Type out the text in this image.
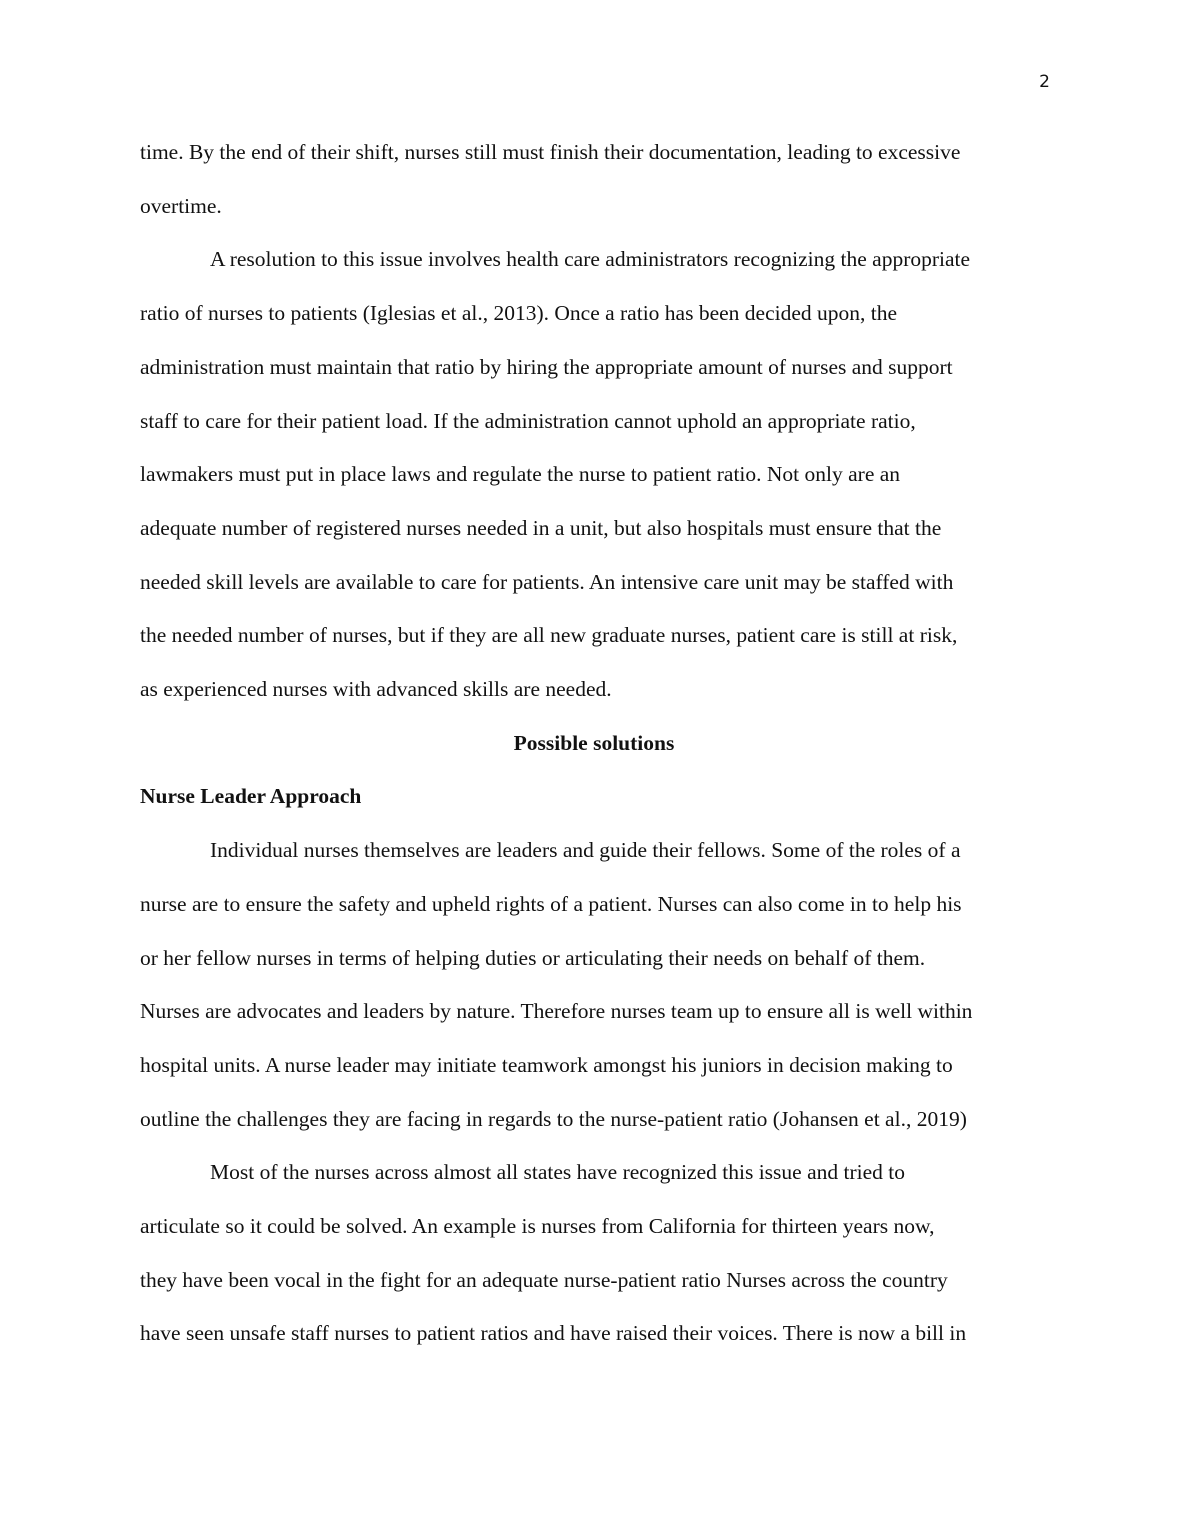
2

time. By the end of their shift, nurses still must finish their documentation, leading to excessive
overtime.

A resolution to this issue involves health care administrators recognizing the appropriate
ratio of nurses to patients (Iglesias et al., 2013). Once a ratio has been decided upon, the
administration must maintain that ratio by hiring the appropriate amount of nurses and support
staff to care for their patient load. If the administration cannot uphold an appropriate ratio,
lawmakers must put in place laws and regulate the nurse to patient ratio. Not only are an
adequate number of registered nurses needed in a unit, but also hospitals must ensure that the
needed skill levels are available to care for patients. An intensive care unit may be staffed with
the needed number of nurses, but if they are all new graduate nurses, patient care is still at risk,
as experienced nurses with advanced skills are needed.

Possible solutions

Nurse Leader Approach

Individual nurses themselves are leaders and guide their fellows. Some of the roles of a
nurse are to ensure the safety and upheld rights of a patient. Nurses can also come in to help his
or her fellow nurses in terms of helping duties or articulating their needs on behalf of them.
Nurses are advocates and leaders by nature. Therefore nurses team up to ensure all is well within
hospital units. A nurse leader may initiate teamwork amongst his juniors in decision making to
outline the challenges they are facing in regards to the nurse-patient ratio (Johansen et al., 2019)

Most of the nurses across almost all states have recognized this issue and tried to
articulate so it could be solved. An example is nurses from California for thirteen years now,
they have been vocal in the fight for an adequate nurse-patient ratio Nurses across the country
have seen unsafe staff nurses to patient ratios and have raised their voices. There is now a bill in
